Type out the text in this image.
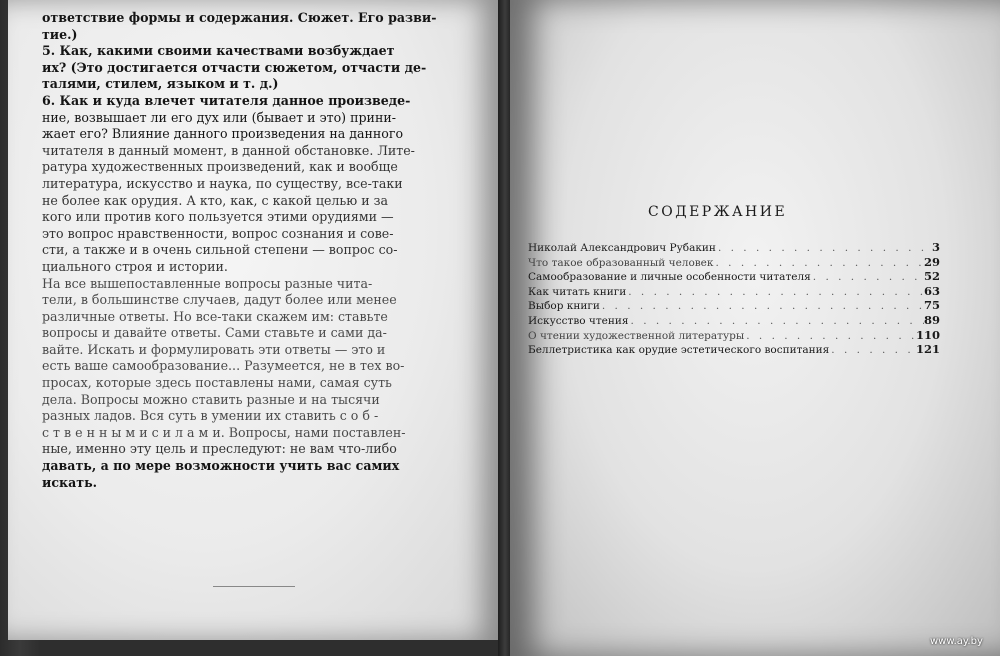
ответствие формы и содержания. Сюжет. Его разви-
тие.)
5. Как, какими своими качествами возбуждает
их? (Это достигается отчасти сюжетом, отчасти де-
талями, стилем, языком и т. д.)
6. Как и куда влечет читателя данное произведе-
ние, возвышает ли его дух или (бывает и это) прини-
жает его? Влияние данного произведения на данного
читателя в данный момент, в данной обстановке. Лите-
ратура художественных произведений, как и вообще
литература, искусство и наука, по существу, все-таки
не более как орудия. А кто, как, с какой целью и за
кого или против кого пользуется этими орудиями —
это вопрос нравственности, вопрос сознания и сове-
сти, а также и в очень сильной степени — вопрос со-
циального строя и истории.
На все вышепоставленные вопросы разные чита-
тели, в большинстве случаев, дадут более или менее
различные ответы. Но все-таки скажем им: ставьте
вопросы и давайте ответы. Сами ставьте и сами да-
вайте. Искать и формулировать эти ответы — это и
есть ваше самообразование... Разумеется, не в тех во-
просах, которые здесь поставлены нами, самая суть
дела. Вопросы можно ставить разные и на тысячи
разных ладов. Вся суть в умении их ставить с о б -
с т в е н н ы м и с и л а м и. Вопросы, нами поставлен-
ные, именно эту цель и преследуют: не вам что-либо
давать, а по мере возможности учить вас самих
искать.
СОДЕРЖАНИЕ
Николай Александрович Рубакин . . .	3
Что такое образованный человек . . .	29
Самообразование и личные особенности читателя . . .	52
Как читать книги . . .	63
Выбор книги . . .	75
Искусство чтения . . .	89
О чтении художественной литературы . . .	110
Беллетристика как орудие эстетического воспитания . . .	121
www.ay.by
